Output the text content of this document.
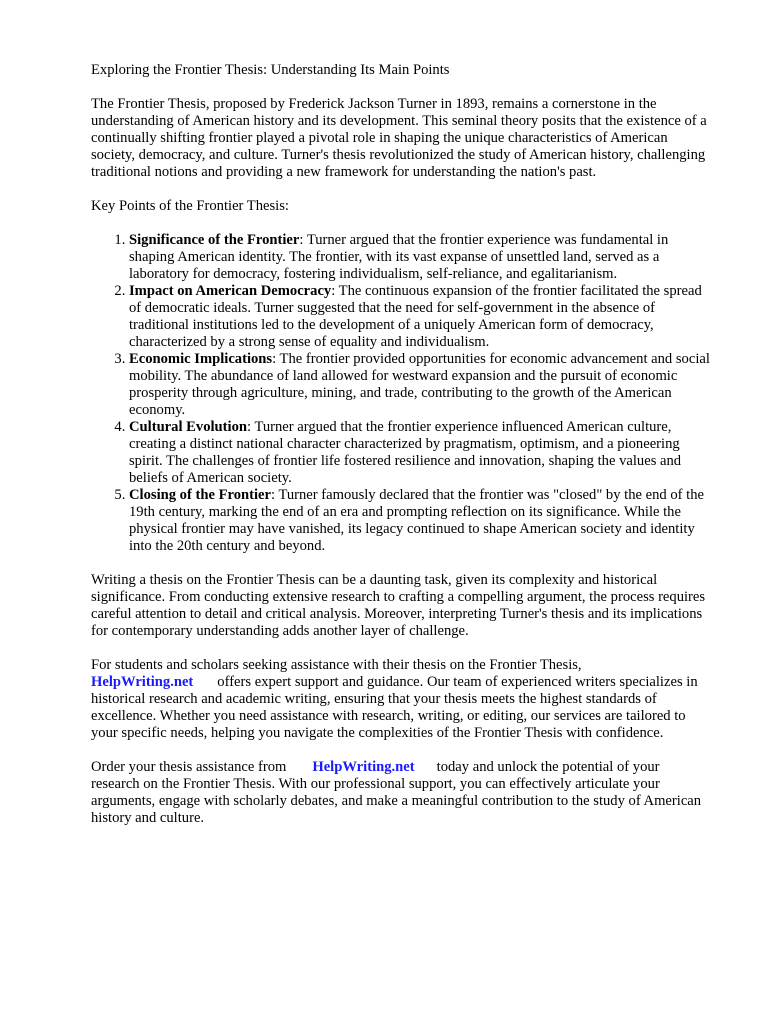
Exploring the Frontier Thesis: Understanding Its Main Points

The Frontier Thesis, proposed by Frederick Jackson Turner in 1893, remains a cornerstone in the understanding of American history and its development. This seminal theory posits that the existence of a continually shifting frontier played a pivotal role in shaping the unique characteristics of American society, democracy, and culture. Turner's thesis revolutionized the study of American history, challenging traditional notions and providing a new framework for understanding the nation's past.

Key Points of the Frontier Thesis:

1. Significance of the Frontier: Turner argued that the frontier experience was fundamental in shaping American identity. The frontier, with its vast expanse of unsettled land, served as a laboratory for democracy, fostering individualism, self-reliance, and egalitarianism.
2. Impact on American Democracy: The continuous expansion of the frontier facilitated the spread of democratic ideals. Turner suggested that the need for self-government in the absence of traditional institutions led to the development of a uniquely American form of democracy, characterized by a strong sense of equality and individualism.
3. Economic Implications: The frontier provided opportunities for economic advancement and social mobility. The abundance of land allowed for westward expansion and the pursuit of economic prosperity through agriculture, mining, and trade, contributing to the growth of the American economy.
4. Cultural Evolution: Turner argued that the frontier experience influenced American culture, creating a distinct national character characterized by pragmatism, optimism, and a pioneering spirit. The challenges of frontier life fostered resilience and innovation, shaping the values and beliefs of American society.
5. Closing of the Frontier: Turner famously declared that the frontier was "closed" by the end of the 19th century, marking the end of an era and prompting reflection on its significance. While the physical frontier may have vanished, its legacy continued to shape American society and identity into the 20th century and beyond.

Writing a thesis on the Frontier Thesis can be a daunting task, given its complexity and historical significance. From conducting extensive research to crafting a compelling argument, the process requires careful attention to detail and critical analysis. Moreover, interpreting Turner's thesis and its implications for contemporary understanding adds another layer of challenge.

For students and scholars seeking assistance with their thesis on the Frontier Thesis,
HelpWriting.net offers expert support and guidance. Our team of experienced writers specializes in historical research and academic writing, ensuring that your thesis meets the highest standards of excellence. Whether you need assistance with research, writing, or editing, our services are tailored to your specific needs, helping you navigate the complexities of the Frontier Thesis with confidence.

Order your thesis assistance from HelpWriting.net today and unlock the potential of your research on the Frontier Thesis. With our professional support, you can effectively articulate your arguments, engage with scholarly debates, and make a meaningful contribution to the study of American history and culture.
